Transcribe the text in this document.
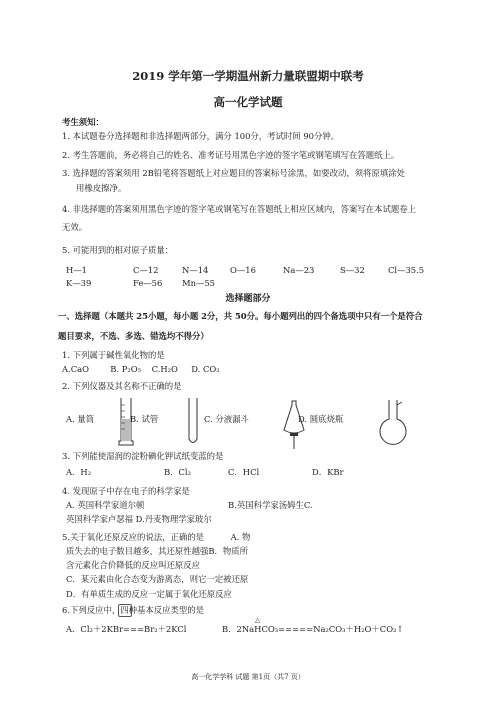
2019 学年第一学期温州新力量联盟期中联考
高一化学试题
考生须知：
1. 本试题卷分选择题和非选择题两部分，满分 100分，考试时间 90分钟。
2. 考生答题前，务必将自己的姓名、准考证号用黑色字迹的签字笔或钢笔填写在答题纸上。
3. 选择题的答案须用 2B铅笔将答题纸上对应题目的答案标号涂黑，如要改动，须将原填涂处
用橡皮擦净。
4. 非选择题的答案须用黑色字迹的签字笔或钢笔写在答题纸上相应区域内，答案写在本试题卷上
无效。
5. 可能用到的相对原子质量：
H—1	C—12	N—14	O—16	Na—23	S—32	Cl—35.5
K—39	Fe—56 Mn—55
选择题部分
一、选择题（本题共 25小题，每小题 2分，共 50分。每小题列出的四个备选项中只有一个是符合
题目要求，不选、多选、错选均不得分）
1. 下列属于碱性氧化物的是
A.CaO        B. P₂O₅    C.H₂O     D. CO₂
2. 下列仪器及其名称不正确的是
A. 量筒	B. 试管	C. 分液漏斗	D. 圆底烧瓶
3. 下列能使湿润的淀粉碘化钾试纸变蓝的是
A．H₂	B．Cl₂	C．HCl	D．KBr
4. 发现原子中存在电子的科学家是
A. 英国科学家道尔顿	B.英国科学家汤姆生C.
英国科学家卢瑟福 D.丹麦物理学家玻尔
5.关于氧化还原反应的说法，正确的是          A. 物
质失去的电子数目越多，其还原性越强B．物质所
含元素化合价降低的反应叫还原反应
C．某元素由化合态变为游离态，则它一定被还原
D．有单质生成的反应一定属于氧化还原反应
6.下列反应中，四种基本反应类型的是
A．Cl₂＋2KBr===Br₂＋2KCl
△
B．2NaHCO₃=====Na₂CO₃＋H₂O＋CO₂↑
高一化学学科 试题 第1页（共7 页）
